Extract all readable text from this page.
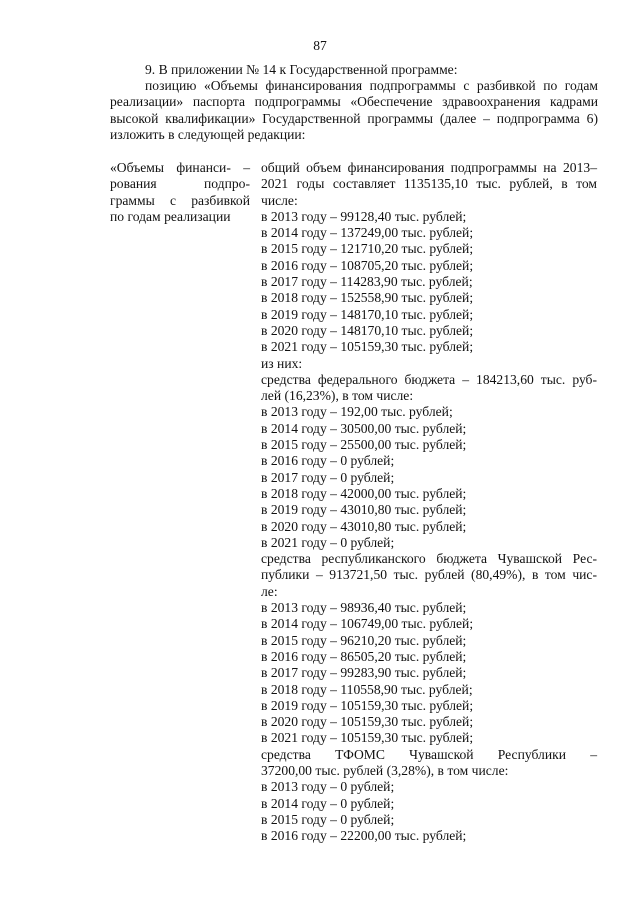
87

9. В приложении № 14 к Государственной программе:

позицию «Объемы финансирования подпрограммы с разбивкой по годам реализации» паспорта подпрограммы «Обеспечение здравоохранения кадрами высокой квалификации» Государственной программы (далее – подпрограмма 6) изложить в следующей редакции:

«Объемы финанси- –
рования подпро-
граммы с разбивкой
по годам реализации
общий объем финансирования подпрограммы на 2013–
2021 годы составляет 1135135,10 тыс. рублей, в том
числе:
в 2013 году – 99128,40 тыс. рублей;
в 2014 году – 137249,00 тыс. рублей;
в 2015 году – 121710,20 тыс. рублей;
в 2016 году – 108705,20 тыс. рублей;
в 2017 году – 114283,90 тыс. рублей;
в 2018 году – 152558,90 тыс. рублей;
в 2019 году – 148170,10 тыс. рублей;
в 2020 году – 148170,10 тыс. рублей;
в 2021 году – 105159,30 тыс. рублей;
из них:
средства федерального бюджета – 184213,60 тыс. руб-
лей (16,23%), в том числе:
в 2013 году – 192,00 тыс. рублей;
в 2014 году – 30500,00 тыс. рублей;
в 2015 году – 25500,00 тыс. рублей;
в 2016 году – 0 рублей;
в 2017 году – 0 рублей;
в 2018 году – 42000,00 тыс. рублей;
в 2019 году – 43010,80 тыс. рублей;
в 2020 году – 43010,80 тыс. рублей;
в 2021 году – 0 рублей;
средства республиканского бюджета Чувашской Рес-
публики – 913721,50 тыс. рублей (80,49%), в том чис-
ле:
в 2013 году – 98936,40 тыс. рублей;
в 2014 году – 106749,00 тыс. рублей;
в 2015 году – 96210,20 тыс. рублей;
в 2016 году – 86505,20 тыс. рублей;
в 2017 году – 99283,90 тыс. рублей;
в 2018 году – 110558,90 тыс. рублей;
в 2019 году – 105159,30 тыс. рублей;
в 2020 году – 105159,30 тыс. рублей;
в 2021 году – 105159,30 тыс. рублей;
средства ТФОМС Чувашской Республики –
37200,00 тыс. рублей (3,28%), в том числе:
в 2013 году – 0 рублей;
в 2014 году – 0 рублей;
в 2015 году – 0 рублей;
в 2016 году – 22200,00 тыс. рублей;
